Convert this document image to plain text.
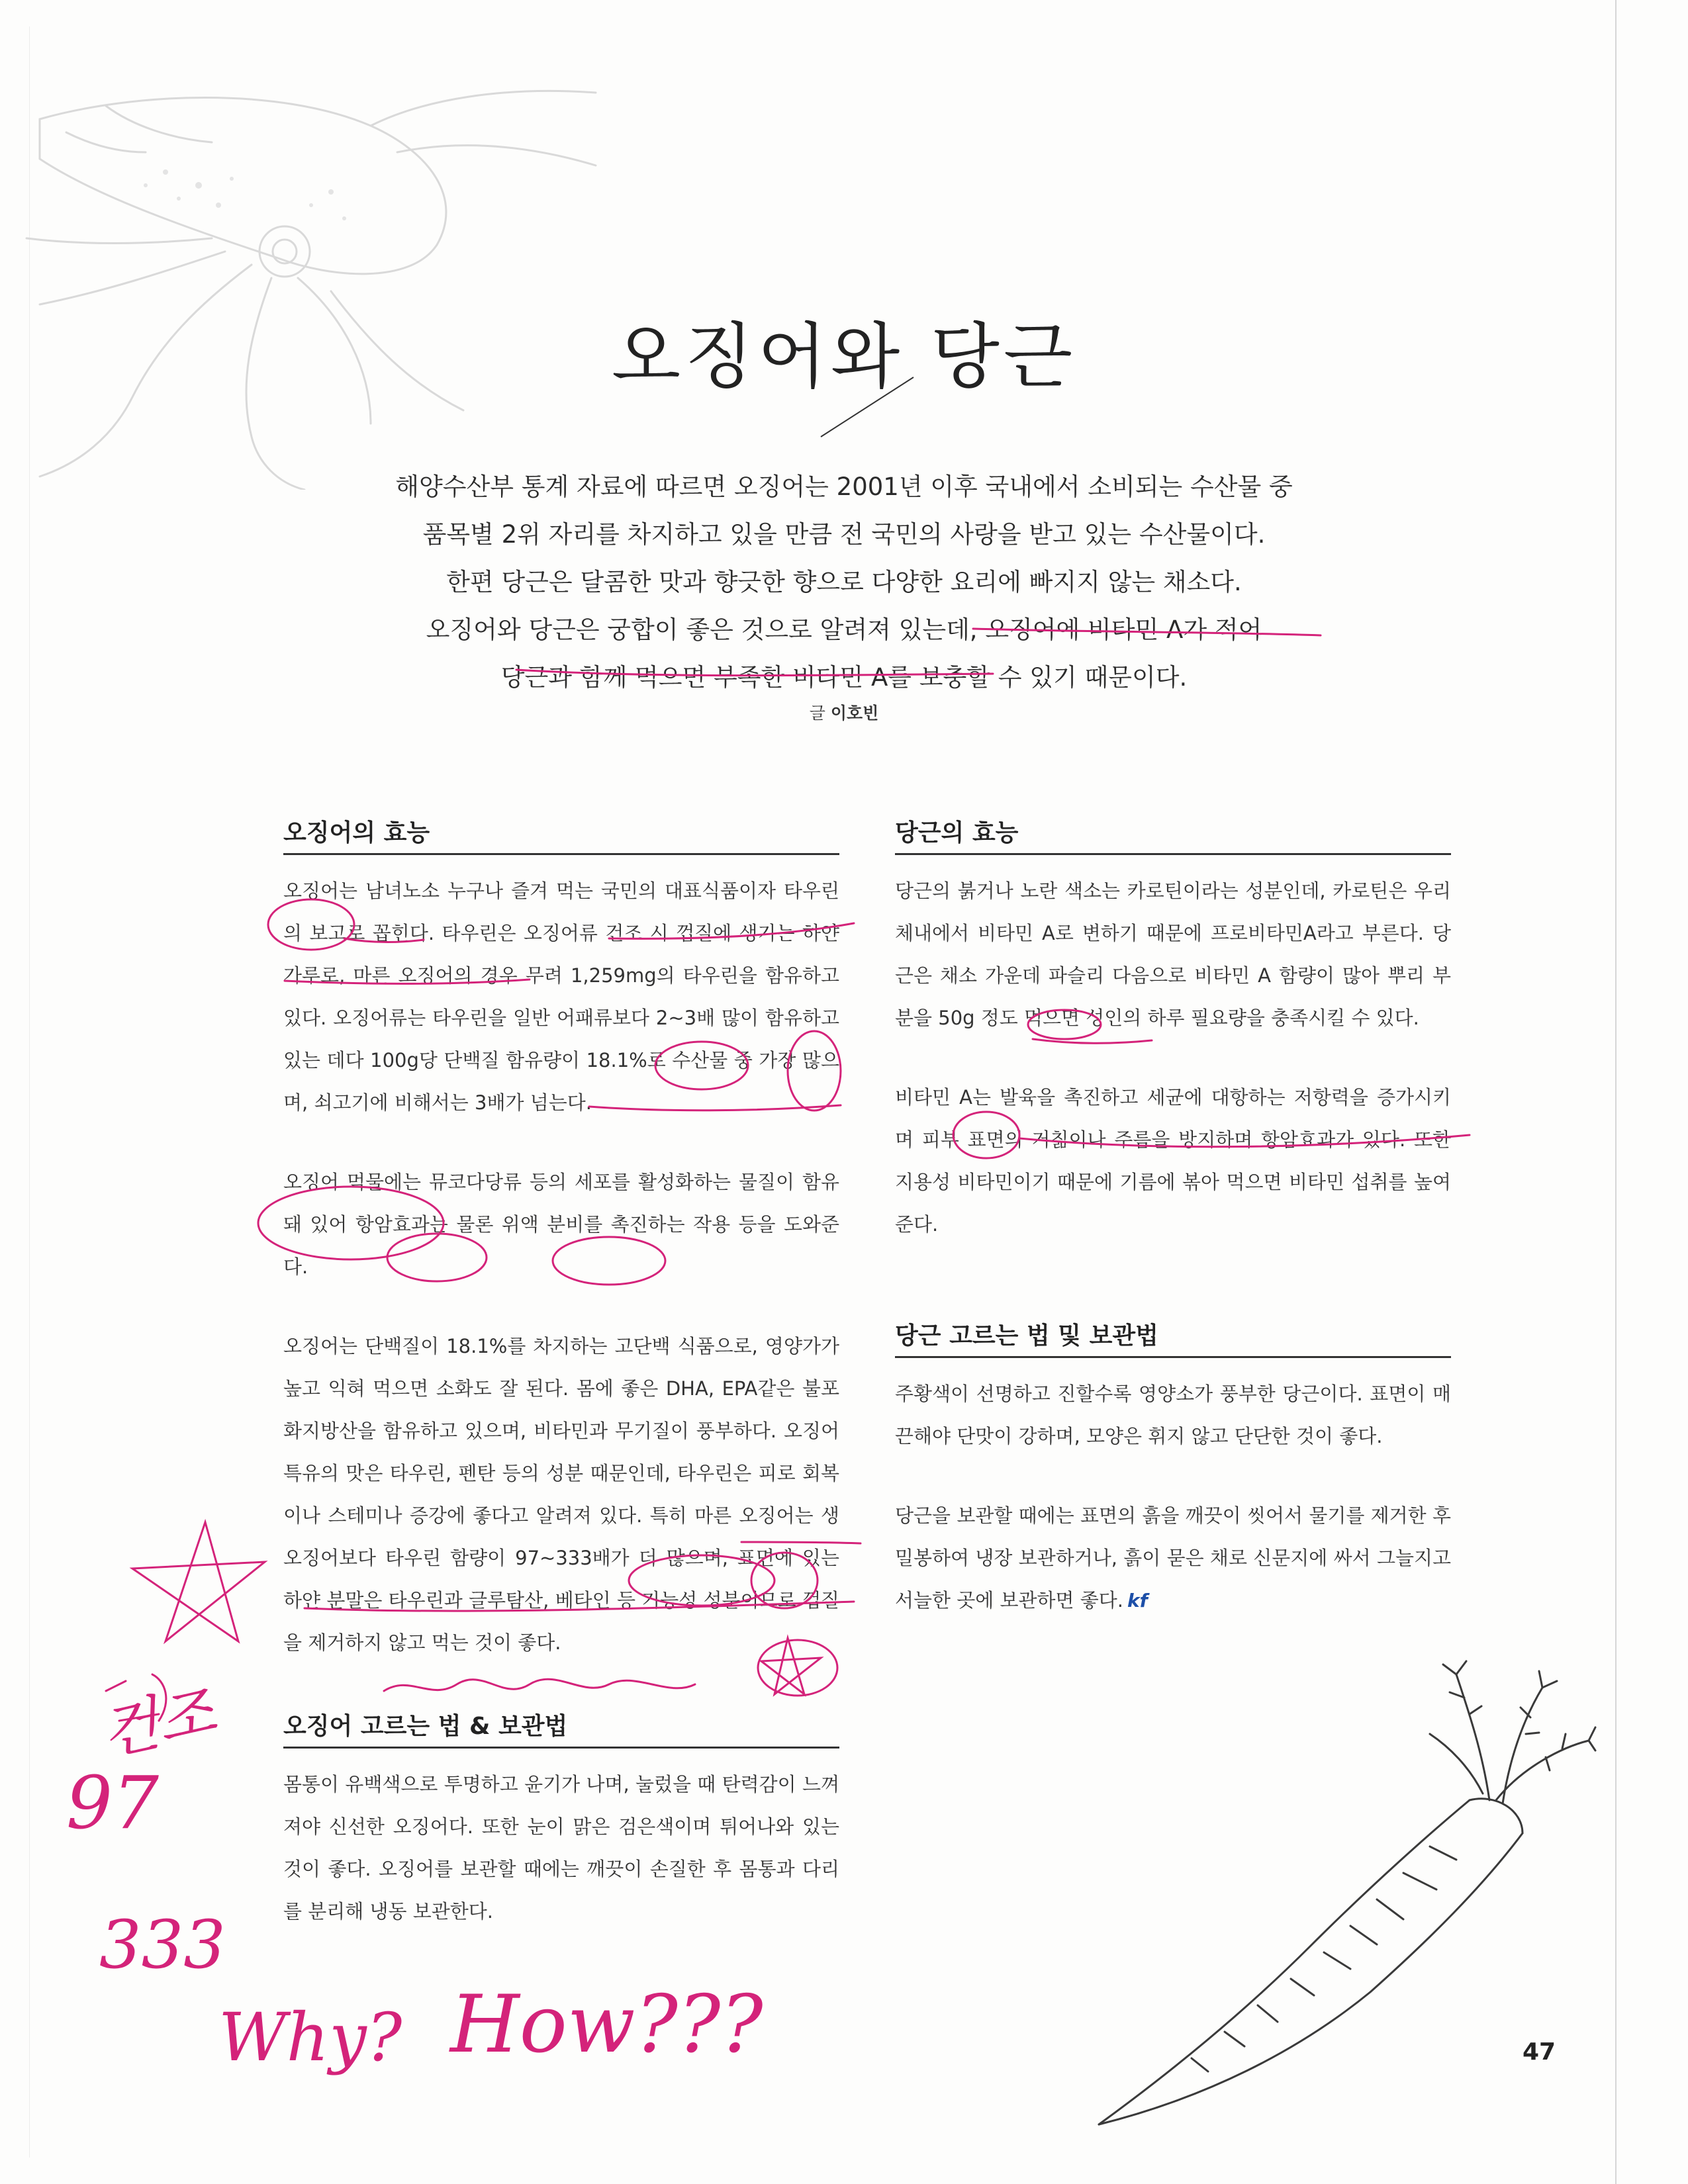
오징어와 당근

해양수산부 통계 자료에 따르면 오징어는 2001년 이후 국내에서 소비되는 수산물 중

품목별 2위 자리를 차지하고 있을 만큼 전 국민의 사랑을 받고 있는 수산물이다.

한편 당근은 달콤한 맛과 향긋한 향으로 다양한 요리에 빠지지 않는 채소다.

오징어와 당근은 궁합이 좋은 것으로 알려져 있는데, 오징어에 비타민 A가 적어

당근과 함께 먹으면 부족한 비타민 A를 보충할 수 있기 때문이다.

글 이호빈
오징어의 효능

오징어는 남녀노소 누구나 즐겨 먹는 국민의 대표식품이자 타우린의 보고로 꼽힌다. 타우린은 오징어류 건조 시 껍질에 생기는 하얀가루로, 마른 오징어의 경우 무려 1,259mg의 타우린을 함유하고 있다. 오징어류는 타우린을 일반 어패류보다 2~3배 많이 함유하고 있는 데다 100g당 단백질 함유량이 18.1%로 수산물 중 가장 많으며, 쇠고기에 비해서는 3배가 넘는다.

오징어 먹물에는 뮤코다당류 등의 세포를 활성화하는 물질이 함유돼 있어 항암효과는 물론 위액 분비를 촉진하는 작용 등을 도와준다.

오징어는 단백질이 18.1%를 차지하는 고단백 식품으로, 영양가가 높고 익혀 먹으면 소화도 잘 된다. 몸에 좋은 DHA, EPA같은 불포화지방산을 함유하고 있으며, 비타민과 무기질이 풍부하다. 오징어 특유의 맛은 타우린, 펜탄 등의 성분 때문인데, 타우린은 피로 회복이나 스테미나 증강에 좋다고 알려져 있다. 특히 마른 오징어는 생 오징어보다 타우린 함량이 97~333배가 더 많으며, 표면에 있는 하얀 분말은 타우린과 글루탐산, 베타인 등 기능성 성분이므로 껍질을 제거하지 않고 먹는 것이 좋다.

오징어 고르는 법 & 보관법

몸통이 유백색으로 투명하고 윤기가 나며, 눌렀을 때 탄력감이 느껴져야 신선한 오징어다. 또한 눈이 맑은 검은색이며 튀어나와 있는 것이 좋다. 오징어를 보관할 때에는 깨끗이 손질한 후 몸통과 다리를 분리해 냉동 보관한다.

당근의 효능

당근의 붉거나 노란 색소는 카로틴이라는 성분인데, 카로틴은 우리 체내에서 비타민 A로 변하기 때문에 프로비타민A라고 부른다. 당근은 채소 가운데 파슬리 다음으로 비타민 A 함량이 많아 뿌리 부분을 50g 정도 먹으면 성인의 하루 필요량을 충족시킬 수 있다.

비타민 A는 발육을 촉진하고 세균에 대항하는 저항력을 증가시키며 피부 표면의 거칢이나 주름을 방지하며 항암효과가 있다. 또한 지용성 비타민이기 때문에 기름에 볶아 먹으면 비타민 섭취를 높여준다.

당근 고르는 법 및 보관법

주황색이 선명하고 진할수록 영양소가 풍부한 당근이다. 표면이 매끈해야 단맛이 강하며, 모양은 휘지 않고 단단한 것이 좋다.

당근을 보관할 때에는 표면의 흙을 깨끗이 씻어서 물기를 제거한 후 밀봉하여 냉장 보관하거나, 흙이 묻은 채로 신문지에 싸서 그늘지고 서늘한 곳에 보관하면 좋다. kf

건조
97
333
Why? How???	47
